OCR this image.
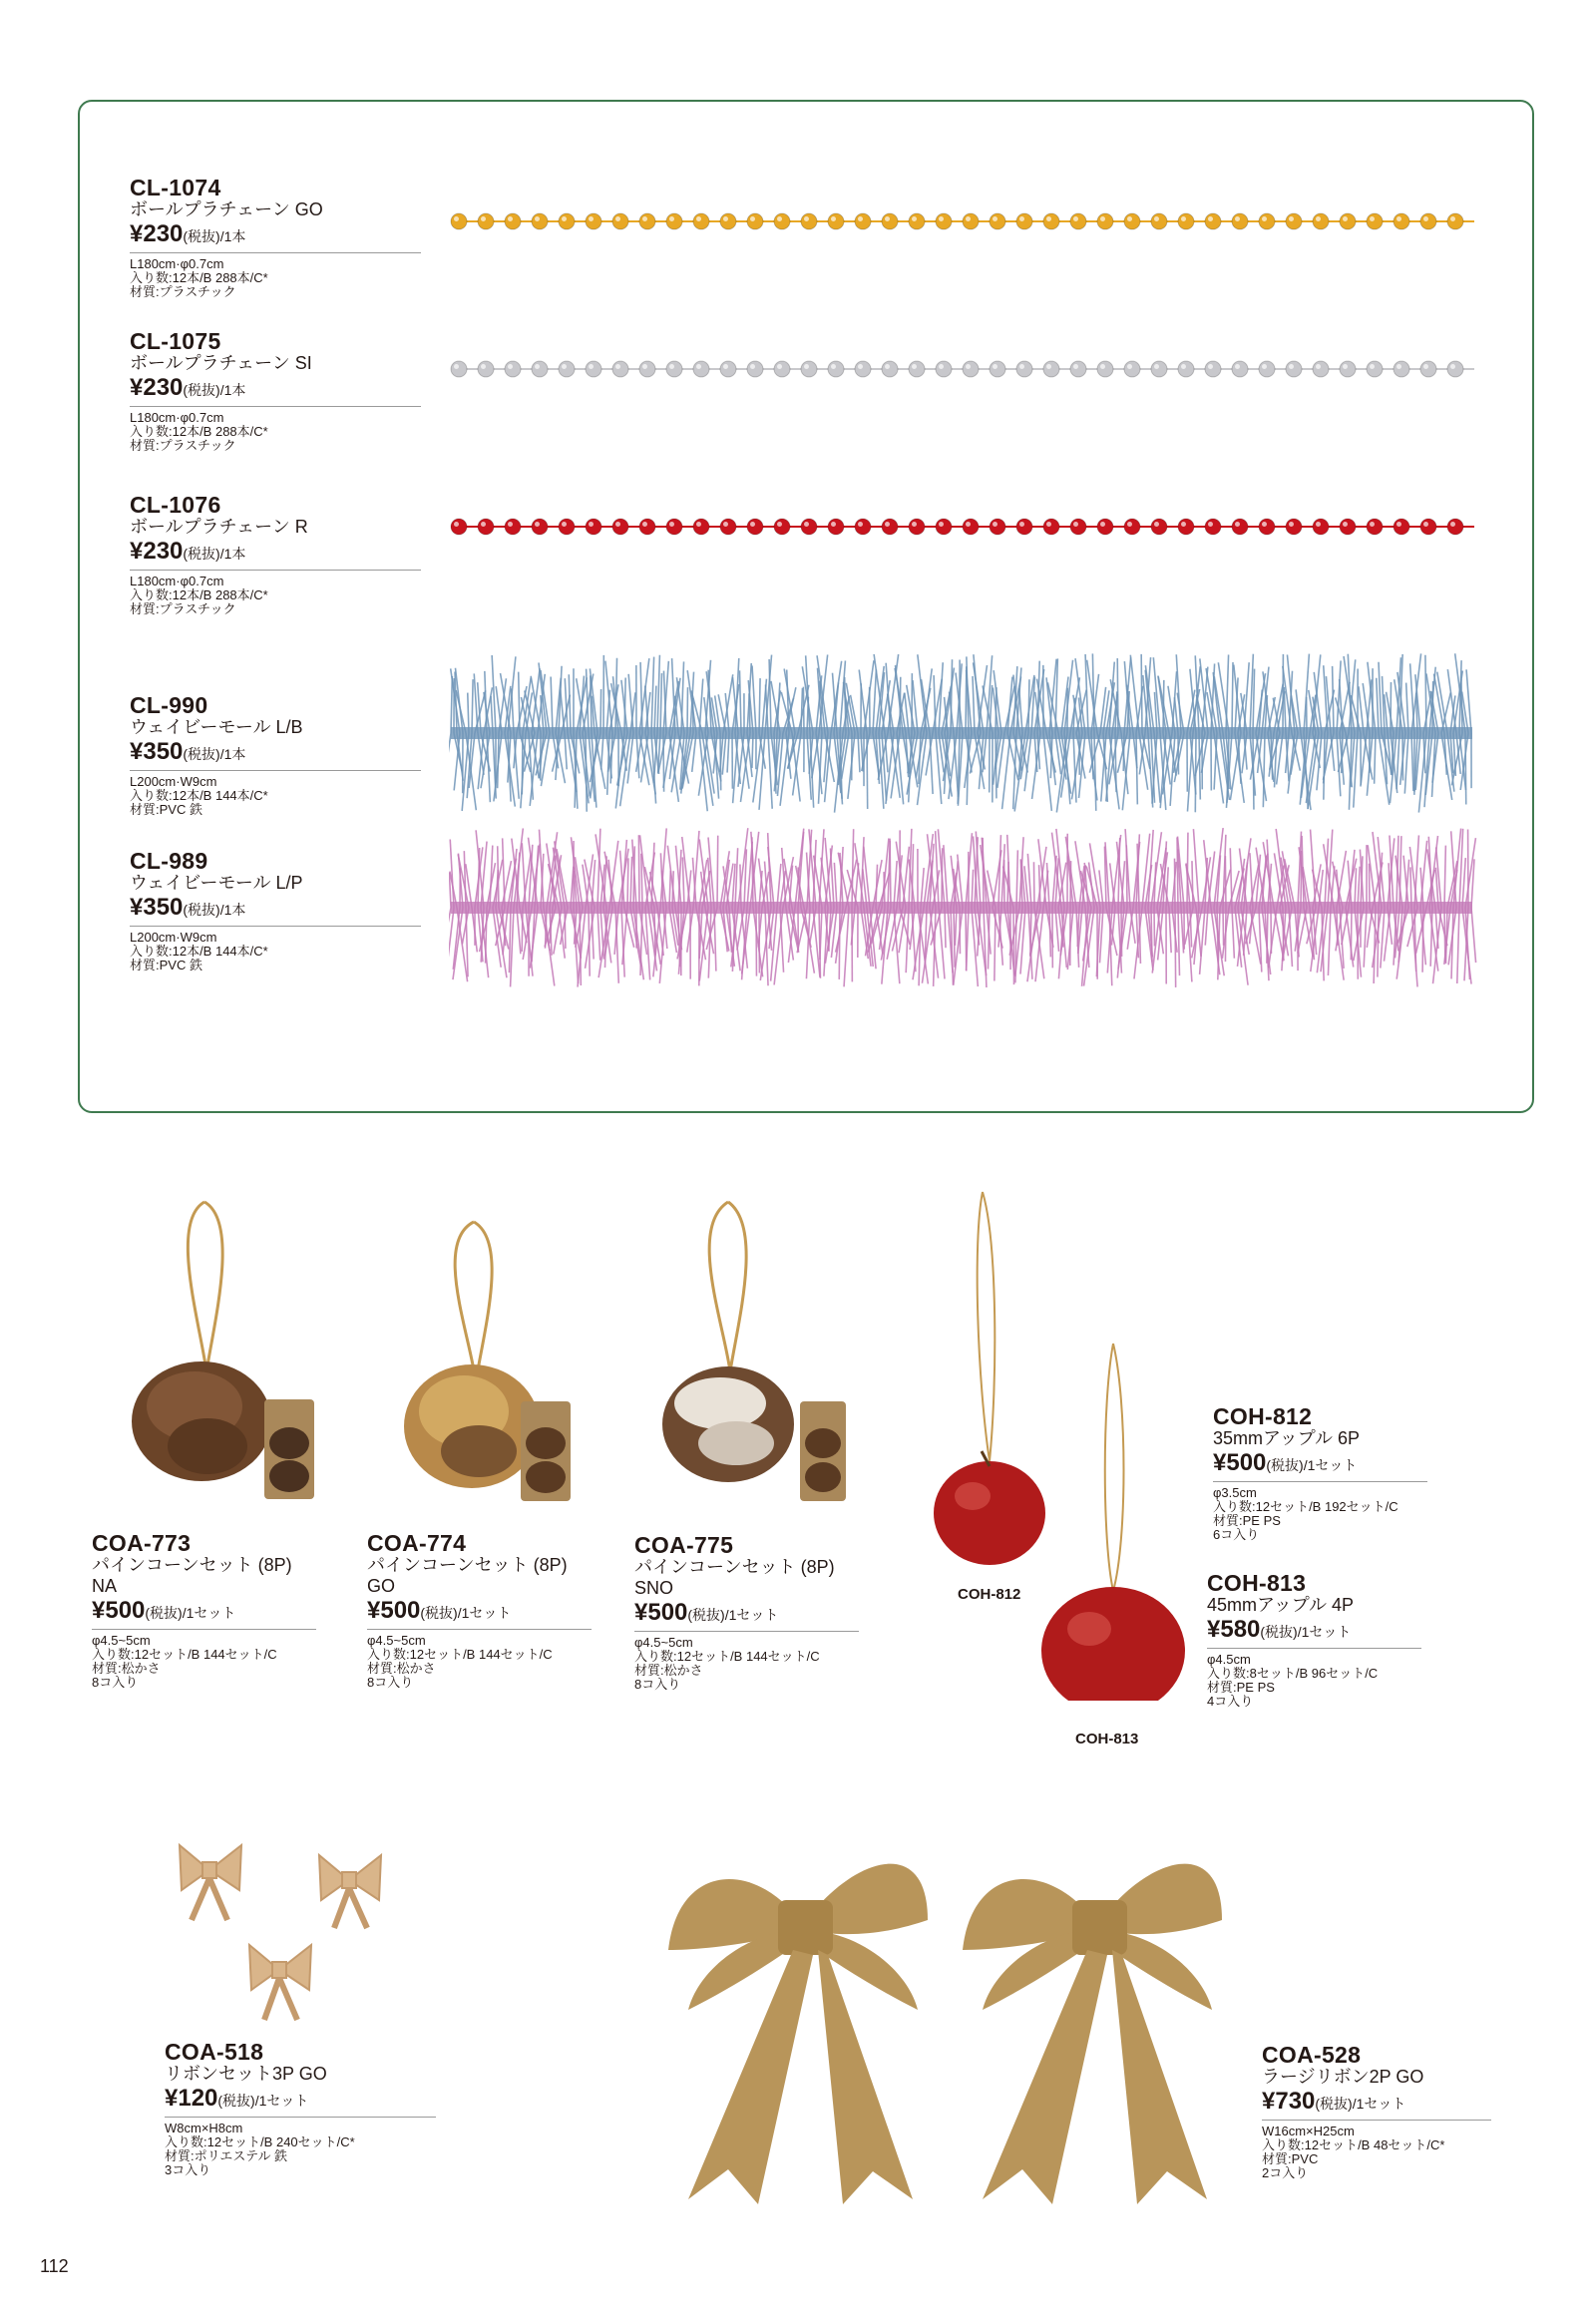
CL-1074
ボールプラチェーン GO
¥230(税抜)/1本
L180cm·φ0.7cm
入り数:12本/B 288本/C*
材質:プラスチック
CL-1075
ボールプラチェーン SI
¥230(税抜)/1本
L180cm·φ0.7cm
入り数:12本/B 288本/C*
材質:プラスチック
CL-1076
ボールプラチェーン R
¥230(税抜)/1本
L180cm·φ0.7cm
入り数:12本/B 288本/C*
材質:プラスチック
CL-990
ウェイビーモール L/B
¥350(税抜)/1本
L200cm·W9cm
入り数:12本/B 144本/C*
材質:PVC 鉄
CL-989
ウェイビーモール L/P
¥350(税抜)/1本
L200cm·W9cm
入り数:12本/B 144本/C*
材質:PVC 鉄
COA-773
パインコーンセット (8P)
NA
¥500(税抜)/1セット
φ4.5~5cm
入り数:12セット/B 144セット/C
材質:松かさ
8コ入り
COA-774
パインコーンセット (8P)
GO
¥500(税抜)/1セット
φ4.5~5cm
入り数:12セット/B 144セット/C
材質:松かさ
8コ入り
COA-775
パインコーンセット (8P)
SNO
¥500(税抜)/1セット
φ4.5~5cm
入り数:12セット/B 144セット/C
材質:松かさ
8コ入り
COH-812
COH-813
COH-812
35mmアップル 6P
¥500(税抜)/1セット
φ3.5cm
入り数:12セット/B 192セット/C
材質:PE PS
6コ入り
COH-813
45mmアップル 4P
¥580(税抜)/1セット
φ4.5cm
入り数:8セット/B 96セット/C
材質:PE PS
4コ入り
COA-518
リボンセット3P GO
¥120(税抜)/1セット
W8cm×H8cm
入り数:12セット/B 240セット/C*
材質:ポリエステル 鉄
3コ入り
COA-528
ラージリボン2P GO
¥730(税抜)/1セット
W16cm×H25cm
入り数:12セット/B 48セット/C*
材質:PVC
2コ入り
112
